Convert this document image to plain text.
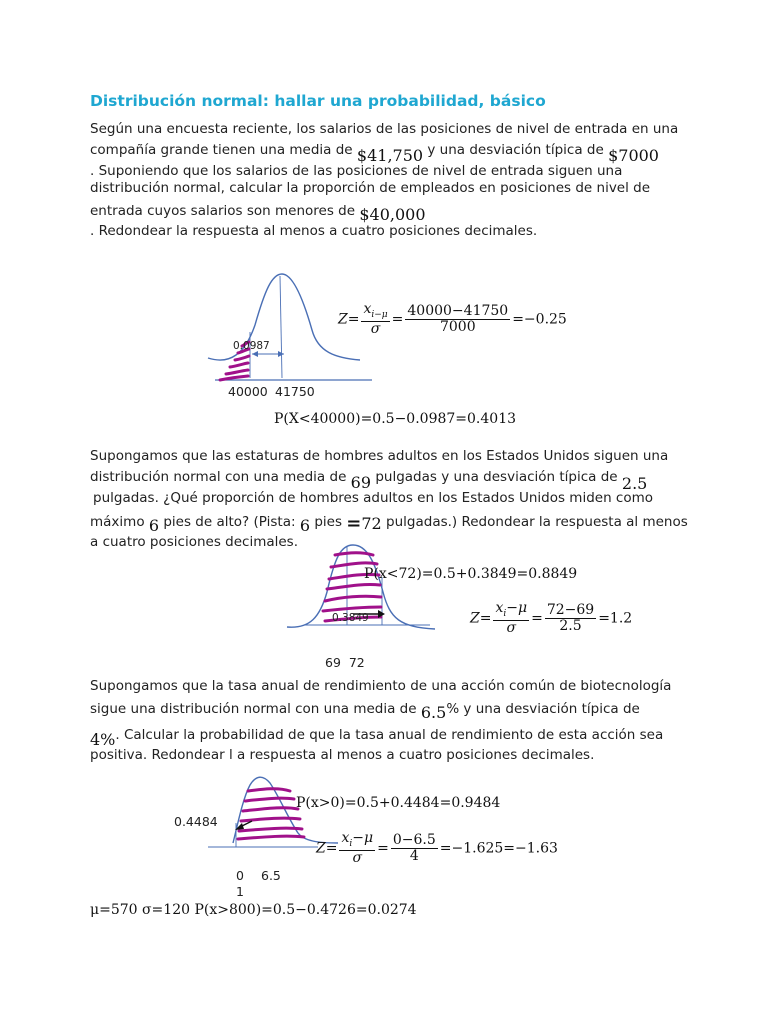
Distribución normal: hallar una probabilidad, básico
Según una encuesta reciente, los salarios de las posiciones de nivel de entrada en una
compañía grande tienen una media de $41,750 y una desviación típica de $7000
. Suponiendo que los salarios de las posiciones de nivel de entrada siguen una
distribución normal, calcular la proporción de empleados en posiciones de nivel de
entrada cuyos salarios son menores de $40,000
. Redondear la respuesta al menos a cuatro posiciones decimales.
0.0987
40000 41750
$Z= \frac{x_{i-\mu}}{\sigma} = \frac{40000-41750}{7000} =-0.25$
P(X<40000)=0.5−0.0987=0.4013
Supongamos que las estaturas de hombres adultos en los Estados Unidos siguen una
distribución normal con una media de 69 pulgadas y una desviación típica de 2.5
pulgadas. ¿Qué proporción de hombres adultos en los Estados Unidos miden como
máximo 6 pies de alto? (Pista: 6 pies =72 pulgadas.) Redondear la respuesta al menos
a cuatro posiciones decimales.
P(x<72)=0.5+0.3849=0.8849
0.3849	$Z= \frac{x_i-\mu}{\sigma} = \frac{72-69}{2.5} =1.2$
69  72
Supongamos que la tasa anual de rendimiento de una acción común de biotecnología
sigue una distribución normal con una media de 6.5% y una desviación típica de
4%. Calcular la probabilidad de que la tasa anual de rendimiento de esta acción sea
positiva. Redondear l a respuesta al menos a cuatro posiciones decimales.
P(x>0)=0.5+0.4484=0.9484
0.4484
$Z= \frac{x_i-\mu}{\sigma} = \frac{0-6.5}{4} =-1.625=-1.63$
0 6.5
1
μ=570 σ=120 P(x>800)=0.5−0.4726=0.0274
